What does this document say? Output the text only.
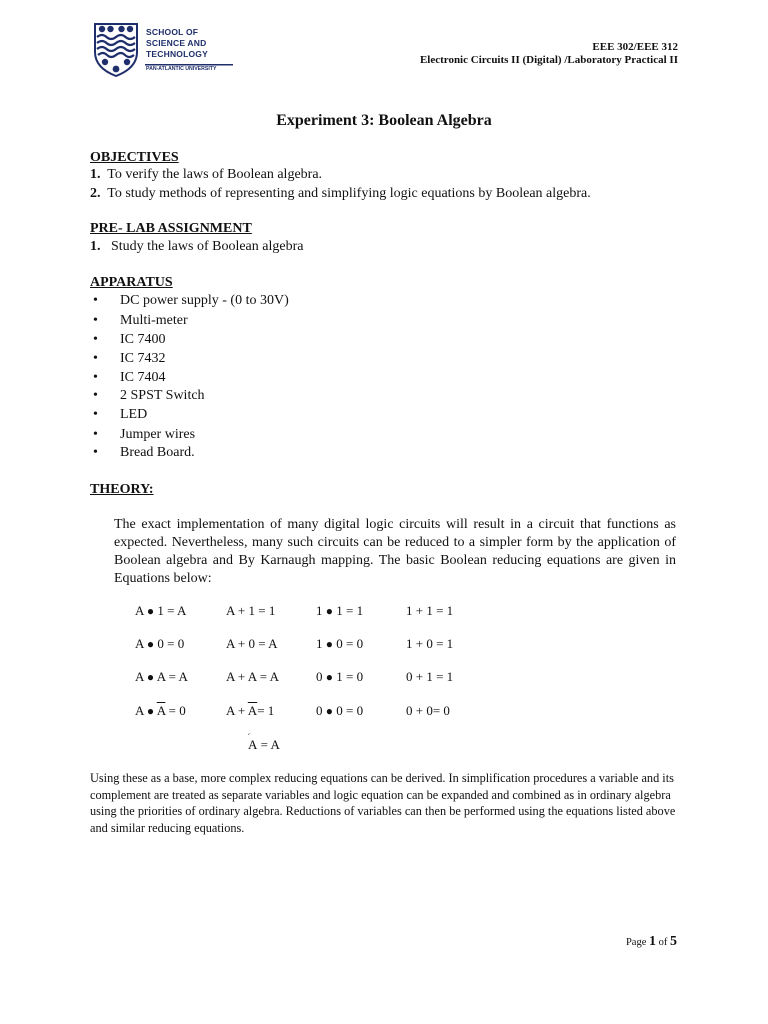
SCHOOL OF
SCIENCE AND
TECHNOLOGY
PAN-ATLANTIC UNIVERSITY
EEE 302/EEE 312
Electronic Circuits II (Digital) /Laboratory Practical II
Experiment 3: Boolean Algebra
OBJECTIVES
1. To verify the laws of Boolean algebra.
2. To study methods of representing and simplifying logic equations by Boolean algebra.
PRE- LAB ASSIGNMENT
1. Study the laws of Boolean algebra
APPARATUS
• DC power supply - (0 to 30V)
• Multi-meter
• IC 7400
• IC 7432
• IC 7404
• 2 SPST Switch
• LED
• Jumper wires
• Bread Board.
THEORY:
The exact implementation of many digital logic circuits will result in a circuit that functions as expected. Nevertheless, many such circuits can be reduced to a simpler form by the application of Boolean algebra and By Karnaugh mapping. The basic Boolean reducing equations are given in Equations below:
A ● 1 = A	A + 1 = 1	1 ● 1 = 1	1 + 1 = 1
A ● 0 = 0	A + 0 = A	1 ● 0 = 0	1 + 0 = 1
A ● A = A	A + A = A	0 ● 1 = 0	0 + 1 = 1
A ● $\overline{A} = 0$	$A + \overline{A}= 1$	0 ● 0 = 0	0 + 0= 0
A
= A
Using these as a base, more complex reducing equations can be derived. In simplification procedures a variable and its complement are treated as separate variables and logic equation can be expanded and combined as in ordinary algebra using the priorities of ordinary algebra. Reductions of variables can then be performed using the equations listed above and similar reducing equations.
Page 1 of 5
